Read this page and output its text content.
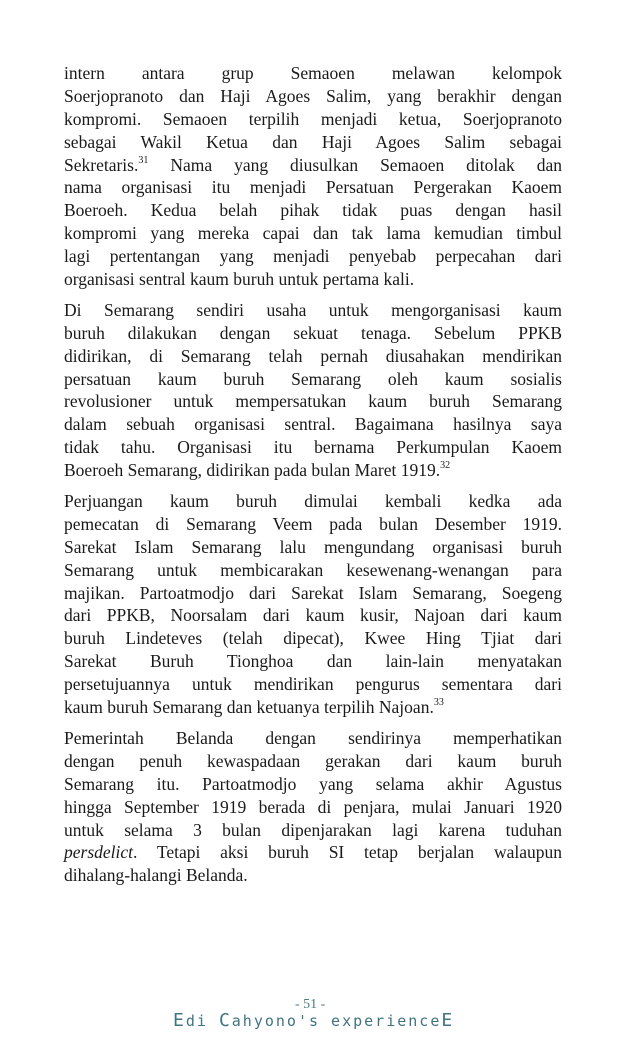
intern antara grup Semaoen melawan kelompok
Soerjopranoto dan Haji Agoes Salim, yang berakhir dengan
kompromi. Semaoen terpilih menjadi ketua, Soerjopranoto
sebagai Wakil Ketua dan Haji Agoes Salim sebagai
Sekretaris.$^{31}$ Nama yang diusulkan Semaoen ditolak dan
nama organisasi itu menjadi Persatuan Pergerakan Kaoem
Boeroeh. Kedua belah pihak tidak puas dengan hasil
kompromi yang mereka capai dan tak lama kemudian timbul
lagi pertentangan yang menjadi penyebab perpecahan dari
organisasi sentral kaum buruh untuk pertama kali.

Di Semarang sendiri usaha untuk mengorganisasi kaum
buruh dilakukan dengan sekuat tenaga. Sebelum PPKB
didirikan, di Semarang telah pernah diusahakan mendirikan
persatuan kaum buruh Semarang oleh kaum sosialis
revolusioner untuk mempersatukan kaum buruh Semarang
dalam sebuah organisasi sentral. Bagaimana hasilnya saya
tidak tahu. Organisasi itu bernama Perkumpulan Kaoem
Boeroeh Semarang, didirikan pada bulan Maret 1919.32

Perjuangan kaum buruh dimulai kembali kedka ada
pemecatan di Semarang Veem pada bulan Desember 1919.
Sarekat Islam Semarang lalu mengundang organisasi buruh
Semarang untuk membicarakan kesewenang-wenangan para
majikan. Partoatmodjo dari Sarekat Islam Semarang, Soegeng
dari PPKB, Noorsalam dari kaum kusir, Najoan dari kaum
buruh Lindeteves (telah dipecat), Kwee Hing Tjiat dari
Sarekat Buruh Tionghoa dan lain-lain menyatakan
persetujuannya untuk mendirikan pengurus sementara dari
kaum buruh Semarang dan ketuanya terpilih Najoan.$^{33}$

Pemerintah Belanda dengan sendirinya memperhatikan
dengan penuh kewaspadaan gerakan dari kaum buruh
Semarang itu. Partoatmodjo yang selama akhir Agustus
hingga September 1919 berada di penjara, mulai Januari 1920
untuk selama 3 bulan dipenjarakan lagi karena tuduhan
persdelict. Tetapi aksi buruh SI tetap berjalan walaupun
dihalang-halangi Belanda.

- 51 -
Edi Cahyono's experienceE
